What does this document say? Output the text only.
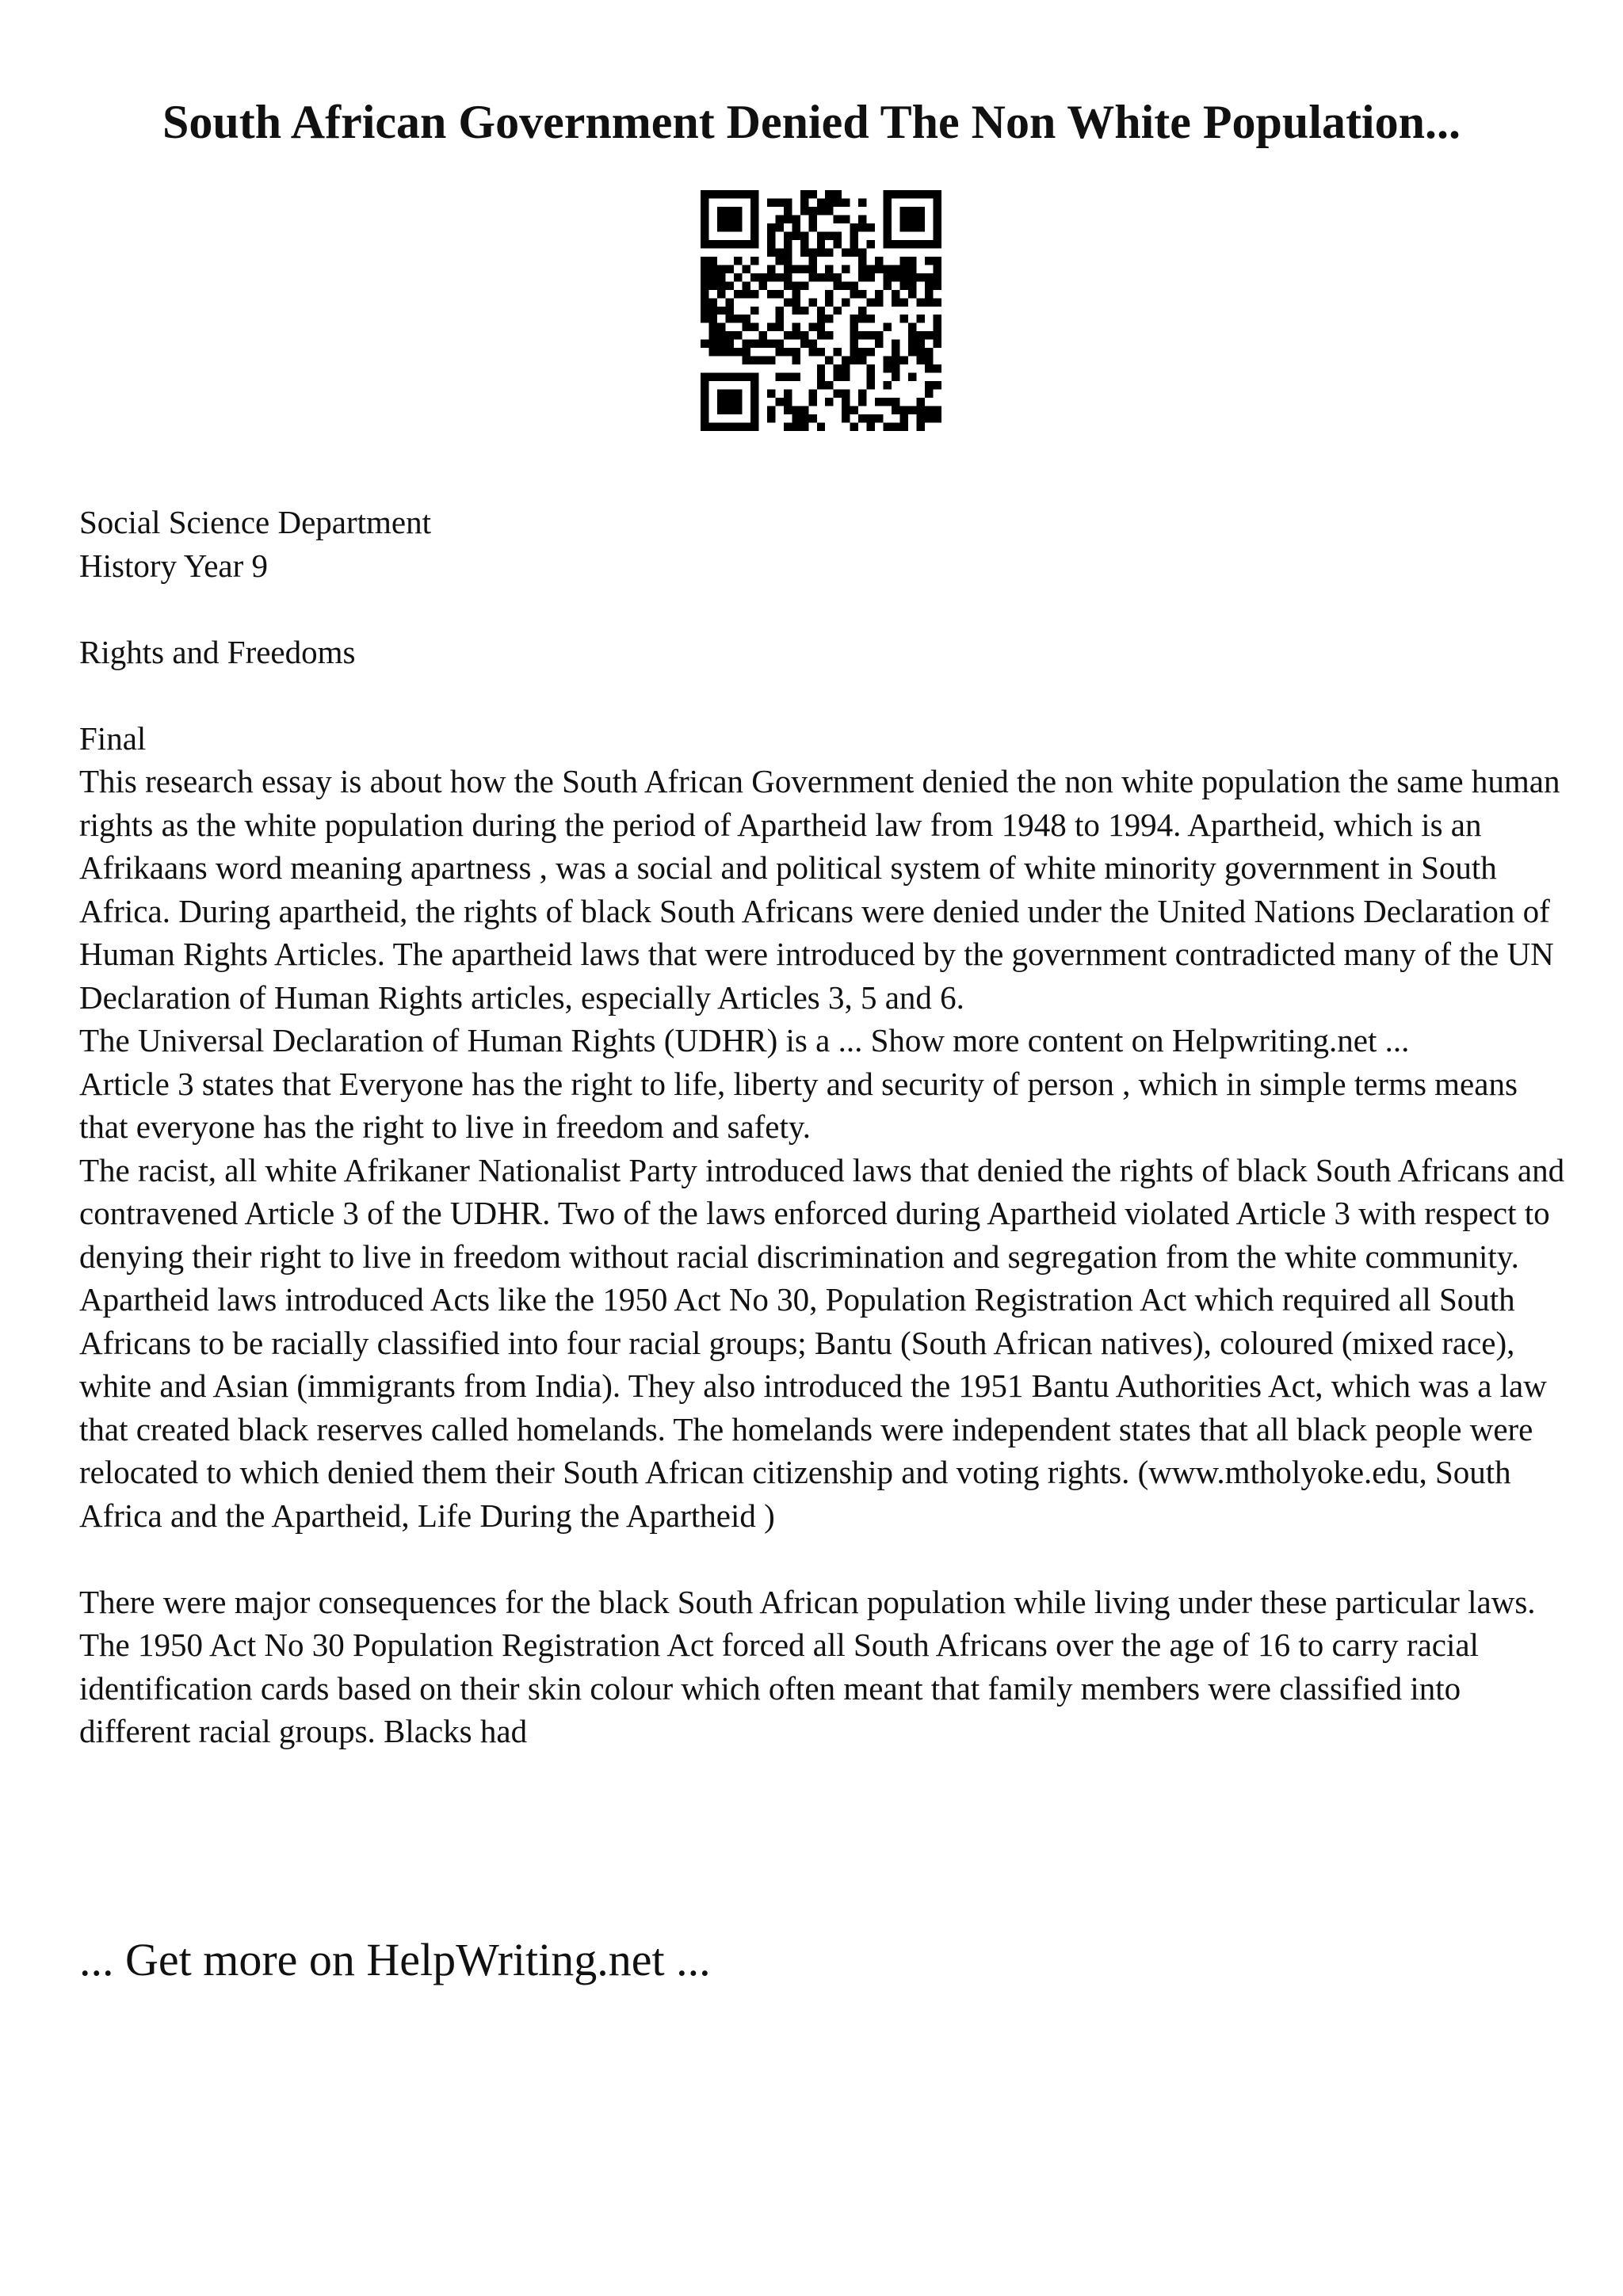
South African Government Denied The Non White Population...

Social Science Department

History Year 9

Rights and Freedoms

Final

This research essay is about how the South African Government denied the non white population the same human rights as the white population during the period of Apartheid law from 1948 to 1994. Apartheid, which is an Afrikaans word meaning apartness , was a social and political system of white minority government in South Africa. During apartheid, the rights of black South Africans were denied under the United Nations Declaration of Human Rights Articles. The apartheid laws that were introduced by the government contradicted many of the UN Declaration of Human Rights articles, especially Articles 3, 5 and 6.

The Universal Declaration of Human Rights (UDHR) is a ... Show more content on Helpwriting.net ...

Article 3 states that Everyone has the right to life, liberty and security of person , which in simple terms means that everyone has the right to live in freedom and safety.

The racist, all white Afrikaner Nationalist Party introduced laws that denied the rights of black South Africans and contravened Article 3 of the UDHR. Two of the laws enforced during Apartheid violated Article 3 with respect to denying their right to live in freedom without racial discrimination and segregation from the white community. Apartheid laws introduced Acts like the 1950 Act No 30, Population Registration Act which required all South Africans to be racially classified into four racial groups; Bantu (South African natives), coloured (mixed race), white and Asian (immigrants from India). They also introduced the 1951 Bantu Authorities Act, which was a law that created black reserves called homelands. The homelands were independent states that all black people were relocated to which denied them their South African citizenship and voting rights. (www.mtholyoke.edu, South Africa and the Apartheid, Life During the Apartheid )

There were major consequences for the black South African population while living under these particular laws. The 1950 Act No 30 Population Registration Act forced all South Africans over the age of 16 to carry racial identification cards based on their skin colour which often meant that family members were classified into different racial groups. Blacks had

... Get more on HelpWriting.net ...
